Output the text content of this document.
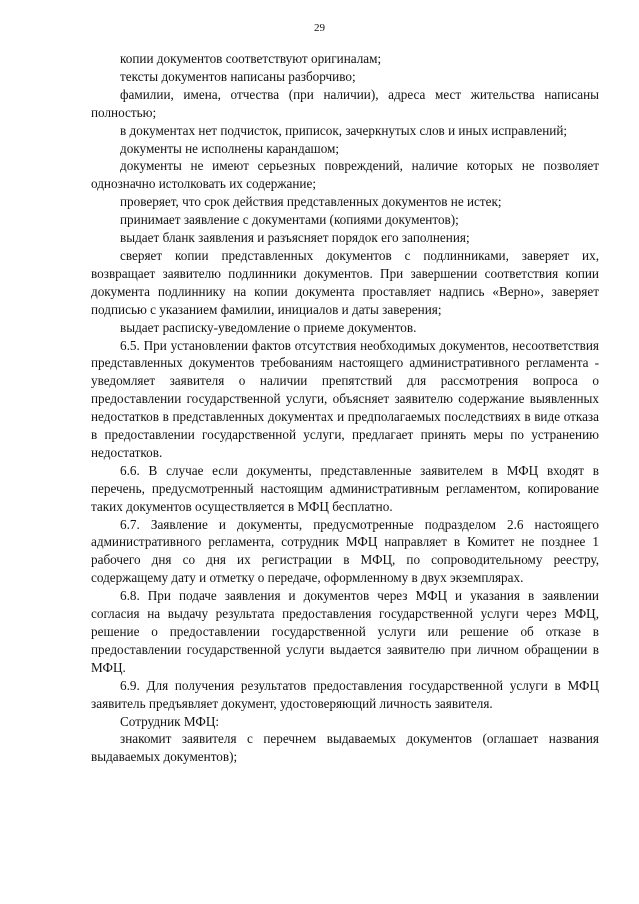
29

копии документов соответствуют оригиналам;

тексты документов написаны разборчиво;

фамилии, имена, отчества (при наличии), адреса мест жительства написаны полностью;

в документах нет подчисток, приписок, зачеркнутых слов и иных исправлений;

документы не исполнены карандашом;

документы не имеют серьезных повреждений, наличие которых не позволяет однозначно истолковать их содержание;

проверяет, что срок действия представленных документов не истек;

принимает заявление с документами (копиями документов);

выдает бланк заявления и разъясняет порядок его заполнения;

сверяет копии представленных документов с подлинниками, заверяет их, возвращает заявителю подлинники документов. При завершении соответствия копии документа подлиннику на копии документа проставляет надпись «Верно», заверяет подписью с указанием фамилии, инициалов и даты заверения;

выдает расписку-уведомление о приеме документов.

6.5. При установлении фактов отсутствия необходимых документов, несоответствия представленных документов требованиям настоящего административного регламента - уведомляет заявителя о наличии препятствий для рассмотрения вопроса о предоставлении государственной услуги, объясняет заявителю содержание выявленных недостатков в представленных документах и предполагаемых последствиях в виде отказа в предоставлении государственной услуги, предлагает принять меры по устранению недостатков.

6.6. В случае если документы, представленные заявителем в МФЦ входят в перечень, предусмотренный настоящим административным регламентом, копирование таких документов осуществляется в МФЦ бесплатно.

6.7. Заявление и документы, предусмотренные подразделом 2.6 настоящего административного регламента, сотрудник МФЦ направляет в Комитет не позднее 1 рабочего дня со дня их регистрации в МФЦ, по сопроводительному реестру, содержащему дату и отметку о передаче, оформленному в двух экземплярах.

6.8. При подаче заявления и документов через МФЦ и указания в заявлении согласия на выдачу результата предоставления государственной услуги через МФЦ, решение о предоставлении государственной услуги или решение об отказе в предоставлении государственной услуги выдается заявителю при личном обращении в МФЦ.

6.9. Для получения результатов предоставления государственной услуги в МФЦ заявитель предъявляет документ, удостоверяющий личность заявителя.

Сотрудник МФЦ:

знакомит заявителя с перечнем выдаваемых документов (оглашает названия выдаваемых документов);
